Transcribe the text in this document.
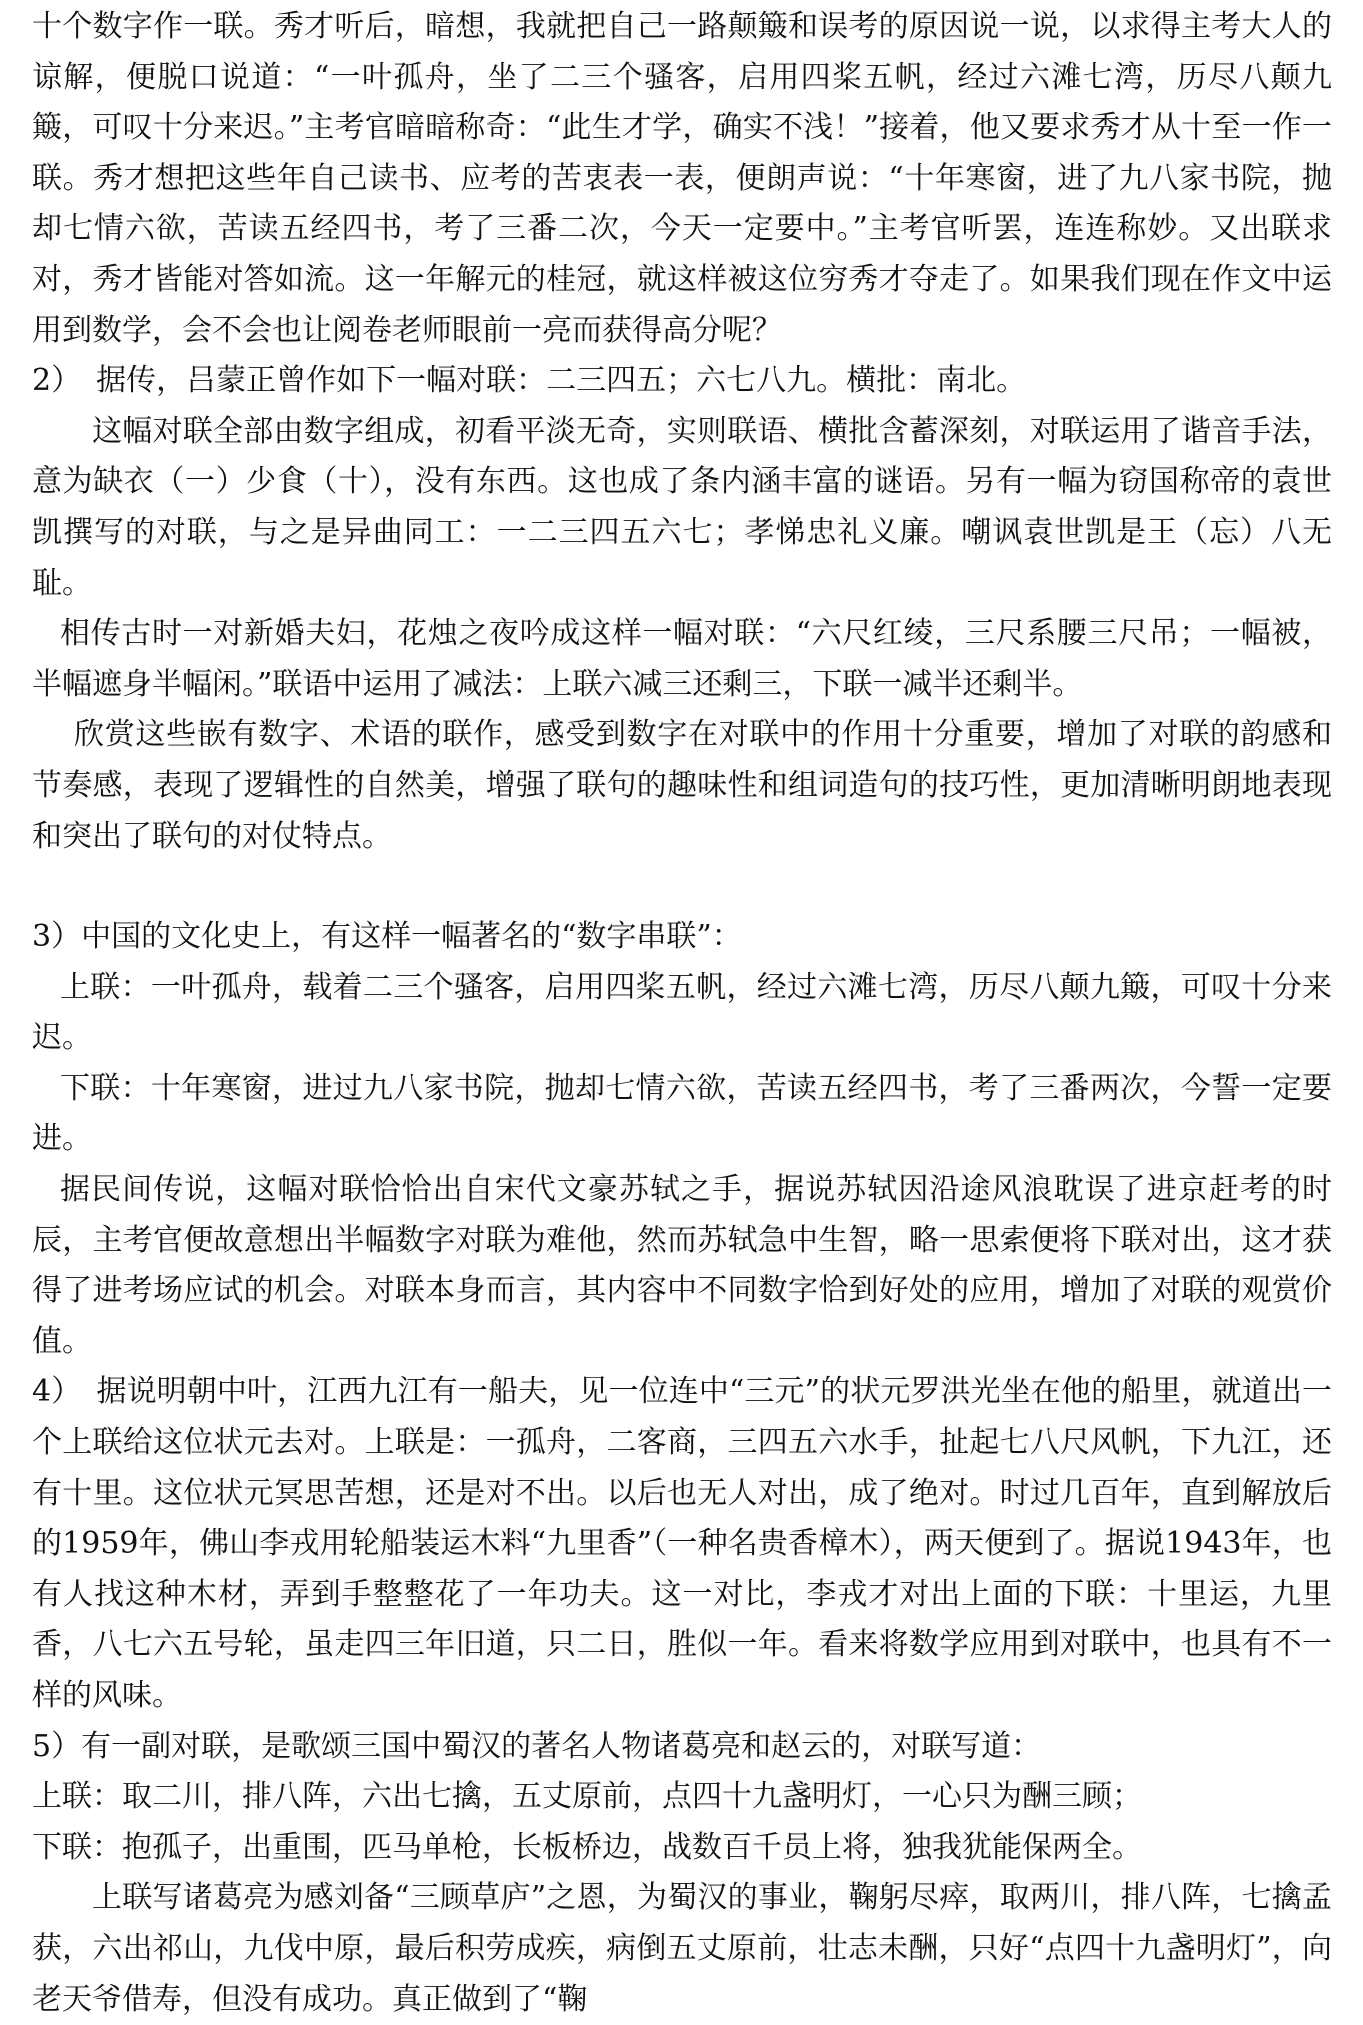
十个数字作一联。秀才听后，暗想，我就把自己一路颠簸和误考的原因说一说，以求得主考大人的谅解，便脱口说道：“一叶孤舟，坐了二三个骚客，启用四桨五帆，经过六滩七湾，历尽八颠九簸，可叹十分来迟。”主考官暗暗称奇：“此生才学，确实不浅！”接着，他又要求秀才从十至一作一联。秀才想把这些年自己读书、应考的苦衷表一表，便朗声说：“十年寒窗，进了九八家书院，抛却七情六欲，苦读五经四书，考了三番二次，今天一定要中。”主考官听罢，连连称妙。又出联求对，秀才皆能对答如流。这一年解元的桂冠，就这样被这位穷秀才夺走了。如果我们现在作文中运用到数学，会不会也让阅卷老师眼前一亮而获得高分呢？

2）　据传，吕蒙正曾作如下一幅对联：二三四五；六七八九。横批：南北。

这幅对联全部由数字组成，初看平淡无奇，实则联语、横批含蓄深刻，对联运用了谐音手法，意为缺衣（一）少食（十），没有东西。这也成了条内涵丰富的谜语。另有一幅为窃国称帝的袁世凯撰写的对联，与之是异曲同工：一二三四五六七；孝悌忠礼义廉。嘲讽袁世凯是王（忘）八无耻。

相传古时一对新婚夫妇，花烛之夜吟成这样一幅对联：“六尺红绫，三尺系腰三尺吊；一幅被，半幅遮身半幅闲。”联语中运用了减法：上联六减三还剩三，下联一减半还剩半。

欣赏这些嵌有数字、术语的联作，感受到数字在对联中的作用十分重要，增加了对联的韵感和节奏感，表现了逻辑性的自然美，增强了联句的趣味性和组词造句的技巧性，更加清晰明朗地表现和突出了联句的对仗特点。

3）中国的文化史上，有这样一幅著名的“数字串联”：

上联：一叶孤舟，载着二三个骚客，启用四桨五帆，经过六滩七湾，历尽八颠九簸，可叹十分来迟。

下联：十年寒窗，进过九八家书院，抛却七情六欲，苦读五经四书，考了三番两次，今誓一定要进。

据民间传说，这幅对联恰恰出自宋代文豪苏轼之手，据说苏轼因沿途风浪耽误了进京赶考的时辰，主考官便故意想出半幅数字对联为难他，然而苏轼急中生智，略一思索便将下联对出，这才获得了进考场应试的机会。对联本身而言，其内容中不同数字恰到好处的应用，增加了对联的观赏价值。

4）　据说明朝中叶，江西九江有一船夫，见一位连中“三元”的状元罗洪光坐在他的船里，就道出一个上联给这位状元去对。上联是：一孤舟，二客商，三四五六水手，扯起七八尺风帆，下九江，还有十里。这位状元冥思苦想，还是对不出。以后也无人对出，成了绝对。时过几百年，直到解放后的1959年，佛山李戎用轮船装运木料“九里香”（一种名贵香樟木），两天便到了。据说1943年，也有人找这种木材，弄到手整整花了一年功夫。这一对比，李戎才对出上面的下联：十里运，九里香，八七六五号轮，虽走四三年旧道，只二日，胜似一年。看来将数学应用到对联中，也具有不一样的风味。

5）有一副对联，是歌颂三国中蜀汉的著名人物诸葛亮和赵云的，对联写道：

上联：取二川，排八阵，六出七擒，五丈原前，点四十九盏明灯，一心只为酬三顾；

下联：抱孤子，出重围，匹马单枪，长板桥边，战数百千员上将，独我犹能保两全。

上联写诸葛亮为感刘备“三顾草庐”之恩，为蜀汉的事业，鞠躬尽瘁，取两川，排八阵，七擒孟获，六出祁山，九伐中原，最后积劳成疾，病倒五丈原前，壮志未酬，只好“点四十九盏明灯”，向老天爷借寿，但没有成功。真正做到了“鞠
